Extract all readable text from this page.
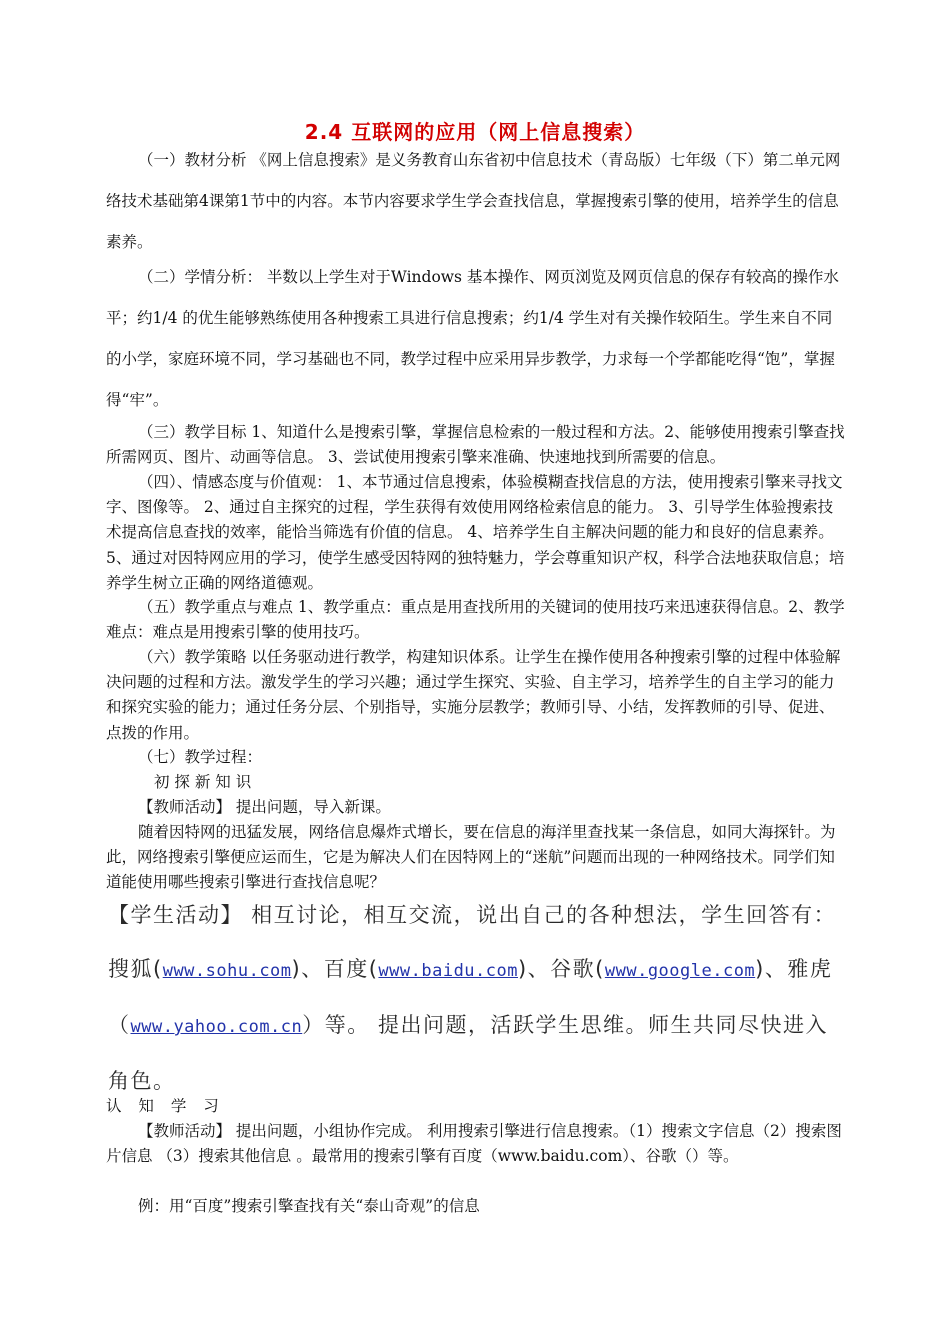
2.4 互联网的应用（网上信息搜索）

（一）教材分析 《网上信息搜索》是义务教育山东省初中信息技术（青岛版）七年级（下）第二单元网络技术基础第4课第1节中的内容。本节内容要求学生学会查找信息，掌握搜索引擎的使用，培养学生的信息素养。

（二）学情分析： 半数以上学生对于Windows 基本操作、网页浏览及网页信息的保存有较高的操作水平；约1/4 的优生能够熟练使用各种搜索工具进行信息搜索；约1/4 学生对有关操作较陌生。学生来自不同的小学，家庭环境不同，学习基础也不同，教学过程中应采用异步教学，力求每一个学都能吃得“饱”，掌握得“牢”。

（三）教学目标 1、知道什么是搜索引擎，掌握信息检索的一般过程和方法。2、能够使用搜索引擎查找所需网页、图片、动画等信息。 3、尝试使用搜索引擎来准确、快速地找到所需要的信息。

（四）、情感态度与价值观： 1、本节通过信息搜索，体验模糊查找信息的方法，使用搜索引擎来寻找文字、图像等。 2、通过自主探究的过程，学生获得有效使用网络检索信息的能力。 3、引导学生体验搜索技术提高信息查找的效率，能恰当筛选有价值的信息。 4、培养学生自主解决问题的能力和良好的信息素养。5、通过对因特网应用的学习，使学生感受因特网的独特魅力，学会尊重知识产权，科学合法地获取信息；培养学生树立正确的网络道德观。

（五）教学重点与难点 1、教学重点：重点是用查找所用的关键词的使用技巧来迅速获得信息。2、教学难点：难点是用搜索引擎的使用技巧。

（六）教学策略 以任务驱动进行教学，构建知识体系。让学生在操作使用各种搜索引擎的过程中体验解决问题的过程和方法。激发学生的学习兴趣；通过学生探究、实验、自主学习，培养学生的自主学习的能力和探究实验的能力；通过任务分层、个别指导，实施分层教学；教师引导、小结，发挥教师的引导、促进、点拨的作用。

（七）教学过程：

初 探 新 知 识

【教师活动】 提出问题，导入新课。

随着因特网的迅猛发展，网络信息爆炸式增长，要在信息的海洋里查找某一条信息，如同大海探针。为此，网络搜索引擎便应运而生，它是为解决人们在因特网上的“迷航”问题而出现的一种网络技术。同学们知道能使用哪些搜索引擎进行查找信息呢？

【学生活动】 相互讨论，相互交流，说出自己的各种想法，学生回答有：搜狐(www.sohu.com)、百度(www.baidu.com)、谷歌(www.google.com)、雅虎（www.yahoo.com.cn）等。 提出问题，活跃学生思维。师生共同尽快进入角色。

认 知 学 习

【教师活动】 提出问题，小组协作完成。 利用搜索引擎进行信息搜索。（1）搜索文字信息（2）搜索图片信息 （3）搜索其他信息 。最常用的搜索引擎有百度（www.baidu.com）、谷歌（）等。

例：用“百度”搜索引擎查找有关“泰山奇观”的信息
